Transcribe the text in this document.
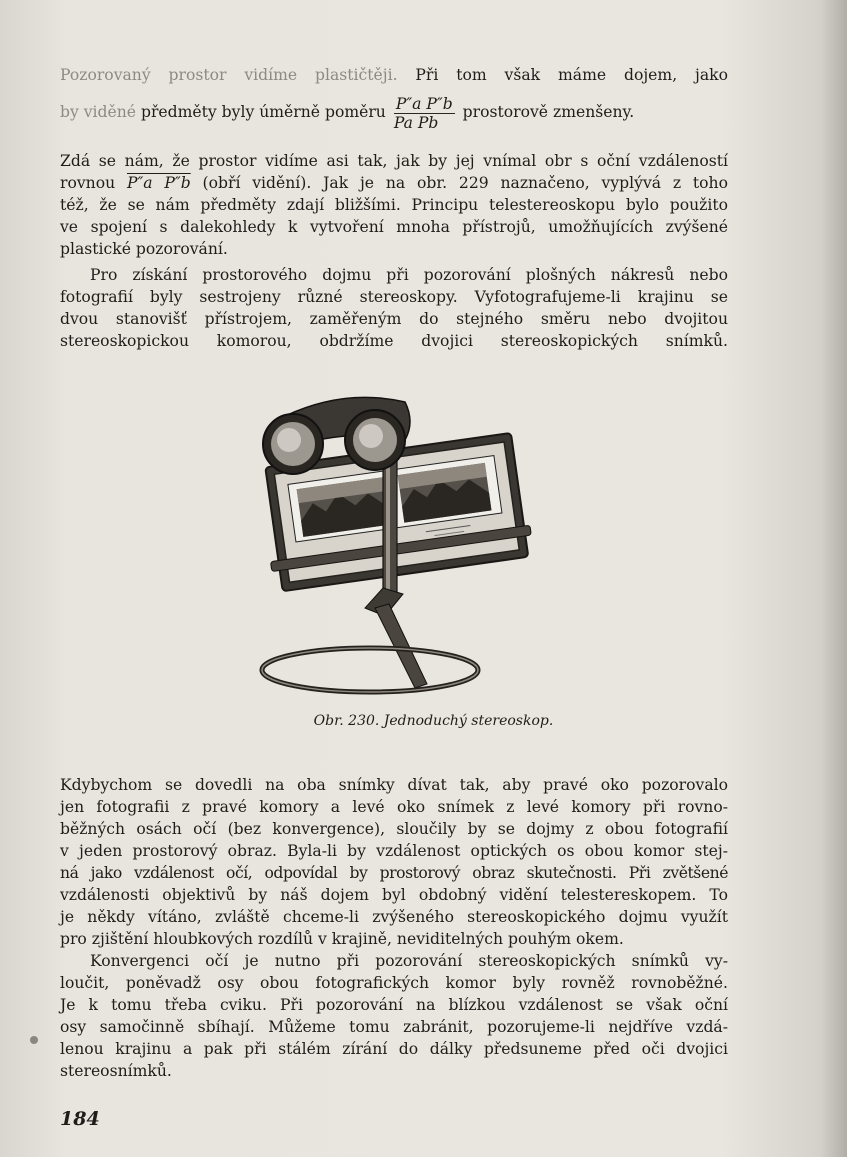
Pozorovaný prostor vidíme plastičtěji. Při tom však máme dojem, jako
by viděné předměty byly úměrně poměru $\frac{\text{P″a P″b}}{\text{Pa Pb}}$ prostorově zmenšeny.
Zdá se nám, že prostor vidíme asi tak, jak by jej vnímal obr s oční vzdáleností
rovnou P″a P″b (obří vidění). Jak je na obr. 229 naznačeno, vyplývá z toho
též, že se nám předměty zdají bližšími. Principu telestereoskopu bylo použito
ve spojení s dalekohledy k vytvoření mnoha přístrojů, umožňujících zvýšené
plastické pozorování.
Pro získání prostorového dojmu při pozorování plošných nákresů nebo
fotografií byly sestrojeny různé stereoskopy. Vyfotografujeme-li krajinu se
dvou stanovišť přístrojem, zaměřeným do stejného směru nebo dvojitou
stereoskopickou komorou, obdržíme dvojici stereoskopických snímků.
Obr. 230. Jednoduchý stereoskop.
Kdybychom se dovedli na oba snímky dívat tak, aby pravé oko pozorovalo
jen fotografii z pravé komory a levé oko snímek z levé komory při rovno-
běžných osách očí (bez konvergence), sloučily by se dojmy z obou fotografií
v jeden prostorový obraz. Byla-li by vzdálenost optických os obou komor stej-
ná jako vzdálenost očí, odpovídal by prostorový obraz skutečnosti. Při zvětšené
vzdálenosti objektivů by náš dojem byl obdobný vidění telestereskopem. To
je někdy vítáno, zvláště chceme-li zvýšeného stereoskopického dojmu využít
pro zjištění hloubkových rozdílů v krajině, neviditelných pouhým okem.
Konvergenci očí je nutno při pozorování stereoskopických snímků vy-
loučit, poněvadž osy obou fotografických komor byly rovněž rovnoběžné.
Je k tomu třeba cviku. Při pozorování na blízkou vzdálenost se však oční
osy samočinně sbíhají. Můžeme tomu zabránit, pozorujeme-li nejdříve vzdá-
lenou krajinu a pak při stálém zírání do dálky předsuneme před oči dvojici
stereosnímků.
184
